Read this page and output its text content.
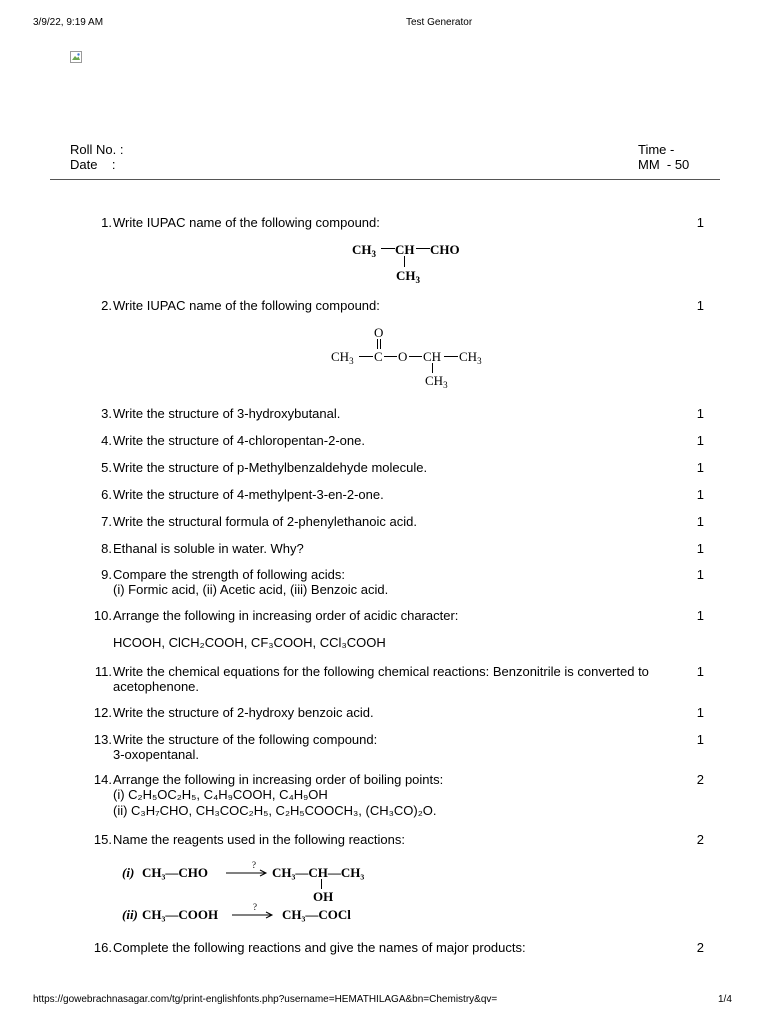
3/9/22, 9:19 AM	Test Generator
Roll No. :
Date    :
Time -
MM  - 50
1. Write IUPAC name of the following compound:	1
$CH_3$ CH CHO
$CH_3$
2. Write IUPAC name of the following compound:	1
O
$CH_3$ C O CH $CH_3$
$CH_3$
3. Write the structure of 3-hydroxybutanal.	1
4. Write the structure of 4-chloropentan-2-one.	1
5. Write the structure of p-Methylbenzaldehyde molecule.	1
6. Write the structure of 4-methylpent-3-en-2-one.	1
7. Write the structural formula of 2-phenylethanoic acid.	1
8. Ethanal is soluble in water. Why?	1
9. Compare the strength of following acids:
(i) Formic acid, (ii) Acetic acid, (iii) Benzoic acid.
1
10. Arrange the following in increasing order of acidic character:
HCOOH, ClCH₂COOH, CF₃COOH, CCl₃COOH
1
11. Write the chemical equations for the following chemical reactions: Benzonitrile is converted to
acetophenone.
1
12. Write the structure of 2-hydroxy benzoic acid.	1
13. Write the structure of the following compound:
3-oxopentanal.
1
14. Arrange the following in increasing order of boiling points:
(i) C₂H₅OC₂H₅, C₄H₉COOH, C₄H₉OH
(ii) C₃H₇CHO, CH₃COC₂H₅, C₂H₅COOCH₃, (CH₃CO)₂O.
2
15. Name the reagents used in the following reactions:	2
(i) CH₃—CHO	? → CH₃—CH—CH₃
OH
(ii) CH₃—COOH	? → CH₃—COCl
16. Complete the following reactions and give the names of major products:	2
https://gowebrachnasagar.com/tg/print-englishfonts.php?username=HEMATHILAGA&bn=Chemistry&qv=	1/4
